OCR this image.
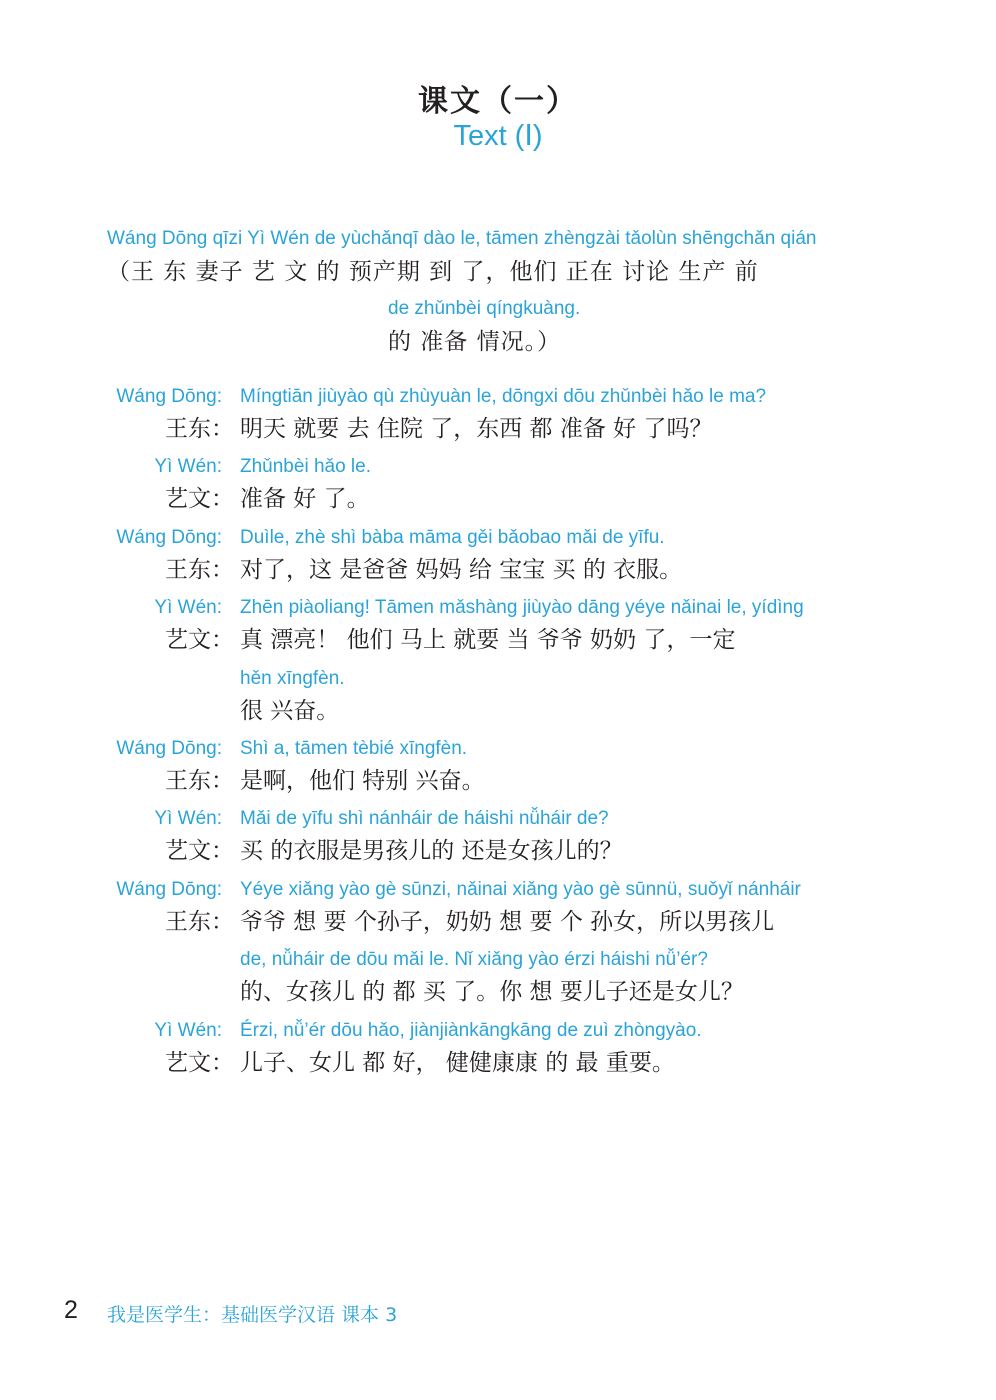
课文（一）
Text (Ⅰ)
Wáng Dōng qīzi Yì Wén de yùchǎnqī dào le, tāmen zhèngzài tǎolùn shēngchǎn qián
（王 东 妻子 艺 文 的 预产期 到 了，他们 正在 讨论 生产 前
de zhǔnbèi qíngkuàng.
的 准备 情况。）
Wáng Dōng: Míngtiān jiùyào qù zhùyuàn le, dōngxi dōu zhǔnbèi hǎo le ma?
王东： 明天 就要 去 住院 了，东西 都 准备 好 了吗？
Yì Wén: Zhǔnbèi hǎo le.
艺文： 准备 好 了。
Wáng Dōng: Duìle, zhè shì bàba māma gěi bǎobao mǎi de yīfu.
王东： 对了，这 是爸爸 妈妈 给 宝宝 买 的 衣服。
Yì Wén: Zhēn piàoliang! Tāmen mǎshàng jiùyào dāng yéye nǎinai le, yídìng
艺文： 真 漂亮！ 他们 马上 就要 当 爷爷 奶奶 了，一定
hěn xīngfèn.
很 兴奋。
Wáng Dōng: Shì a, tāmen tèbié xīngfèn.
王东： 是啊，他们 特别 兴奋。
Yì Wén: Mǎi de yīfu shì nánháir de háishi nǚháir de?
艺文： 买 的衣服是男孩儿的 还是女孩儿的？
Wáng Dōng: Yéye xiǎng yào gè sūnzi, nǎinai xiǎng yào gè sūnnü, suǒyǐ nánháir
王东： 爷爷 想 要 个孙子，奶奶 想 要 个 孙女，所以男孩儿
de, nǚháir de dōu mǎi le. Nǐ xiǎng yào érzi háishi nǚ’ér?
的、女孩儿 的 都 买 了。你 想 要儿子还是女儿？
Yì Wén: Érzi, nǚ’ér dōu hǎo, jiànjiànkāngkāng de zuì zhòngyào.
艺文： 儿子、女儿 都 好， 健健康康 的 最 重要。
2 我是医学生：基础医学汉语 课本 3
